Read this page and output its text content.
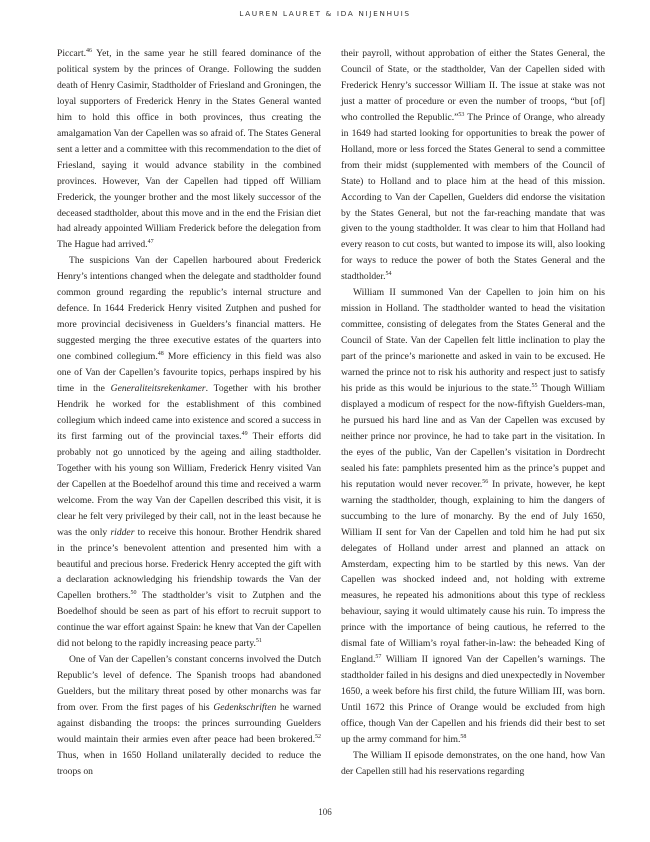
LAUREN LAURET & IDA NIJENHUIS

Piccart.$^{46}$ Yet, in the same year he still feared dominance of the political system by the princes of Orange. Following the sudden death of Henry Casimir, Stadtholder of Friesland and Groningen, the loyal supporters of Frederick Henry in the States General wanted him to hold this office in both provinces, thus creating the amalgamation Van der Capellen was so afraid of. The States General sent a letter and a committee with this recommendation to the diet of Friesland, saying it would advance stability in the combined provinces. However, Van der Capellen had tipped off William Frederick, the younger brother and the most likely successor of the deceased stadtholder, about this move and in the end the Frisian diet had already appointed William Frederick before the delegation from The Hague had arrived.$^{47}$

The suspicions Van der Capellen harboured about Frederick Henry’s intentions changed when the delegate and stadtholder found common ground regarding the republic’s internal structure and defence. In 1644 Frederick Henry visited Zutphen and pushed for more provincial decisiveness in Guelders’s financial matters. He suggested merging the three executive estates of the quarters into one combined collegium.$^{48}$ More efficiency in this field was also one of Van der Capellen’s favourite topics, perhaps inspired by his time in the Generaliteitsrekenkamer. Together with his brother Hendrik he worked for the establishment of this combined collegium which indeed came into existence and scored a success in its first farming out of the provincial taxes.$^{49}$ Their efforts did probably not go unnoticed by the ageing and ailing stadtholder. Together with his young son William, Frederick Henry visited Van der Capellen at the Boedelhof around this time and received a warm welcome. From the way Van der Capellen described this visit, it is clear he felt very privileged by their call, not in the least because he was the only ridder to receive this honour. Brother Hendrik shared in the prince’s benevolent attention and presented him with a beautiful and precious horse. Frederick Henry accepted the gift with a declaration acknowledging his friendship towards the Van der Capellen brothers.$^{50}$ The stadtholder’s visit to Zutphen and the Boedelhof should be seen as part of his effort to recruit support to continue the war effort against Spain: he knew that Van der Capellen did not belong to the rapidly increasing peace party.$^{51}$

One of Van der Capellen’s constant concerns involved the Dutch Republic’s level of defence. The Spanish troops had abandoned Guelders, but the military threat posed by other monarchs was far from over. From the first pages of his Gedenkschriften he warned against disbanding the troops: the princes surrounding Guelders would maintain their armies even after peace had been brokered.$^{52}$ Thus, when in 1650 Holland unilaterally decided to reduce the troops on

their payroll, without approbation of either the States General, the Council of State, or the stadtholder, Van der Capellen sided with Frederick Henry’s successor William II. The issue at stake was not just a matter of procedure or even the number of troops, “but [of] who controlled the Republic.”$^{53}$ The Prince of Orange, who already in 1649 had started looking for opportunities to break the power of Holland, more or less forced the States General to send a committee from their midst (supplemented with members of the Council of State) to Holland and to place him at the head of this mission. According to Van der Capellen, Guelders did endorse the visitation by the States General, but not the far-reaching mandate that was given to the young stadtholder. It was clear to him that Holland had every reason to cut costs, but wanted to impose its will, also looking for ways to reduce the power of both the States General and the stadtholder.$^{54}$

William II summoned Van der Capellen to join him on his mission in Holland. The stadtholder wanted to head the visitation committee, consisting of delegates from the States General and the Council of State. Van der Capellen felt little inclination to play the part of the prince’s marionette and asked in vain to be excused. He warned the prince not to risk his authority and respect just to satisfy his pride as this would be injurious to the state.$^{55}$ Though William displayed a modicum of respect for the now-fiftyish Guelders-man, he pursued his hard line and as Van der Capellen was excused by neither prince nor province, he had to take part in the visitation. In the eyes of the public, Van der Capellen’s visitation in Dordrecht sealed his fate: pamphlets presented him as the prince’s puppet and his reputation would never recover.$^{56}$ In private, however, he kept warning the stadtholder, though, explaining to him the dangers of succumbing to the lure of monarchy. By the end of July 1650, William II sent for Van der Capellen and told him he had put six delegates of Holland under arrest and planned an attack on Amsterdam, expecting him to be startled by this news. Van der Capellen was shocked indeed and, not holding with extreme measures, he repeated his admonitions about this type of reckless behaviour, saying it would ultimately cause his ruin. To impress the prince with the importance of being cautious, he referred to the dismal fate of William’s royal father-in-law: the beheaded King of England.$^{57}$ William II ignored Van der Capellen’s warnings. The stadtholder failed in his designs and died unexpectedly in November 1650, a week before his first child, the future William III, was born. Until 1672 this Prince of Orange would be excluded from high office, though Van der Capellen and his friends did their best to set up the army command for him.$^{58}$

The William II episode demonstrates, on the one hand, how Van der Capellen still had his reservations regarding

106
